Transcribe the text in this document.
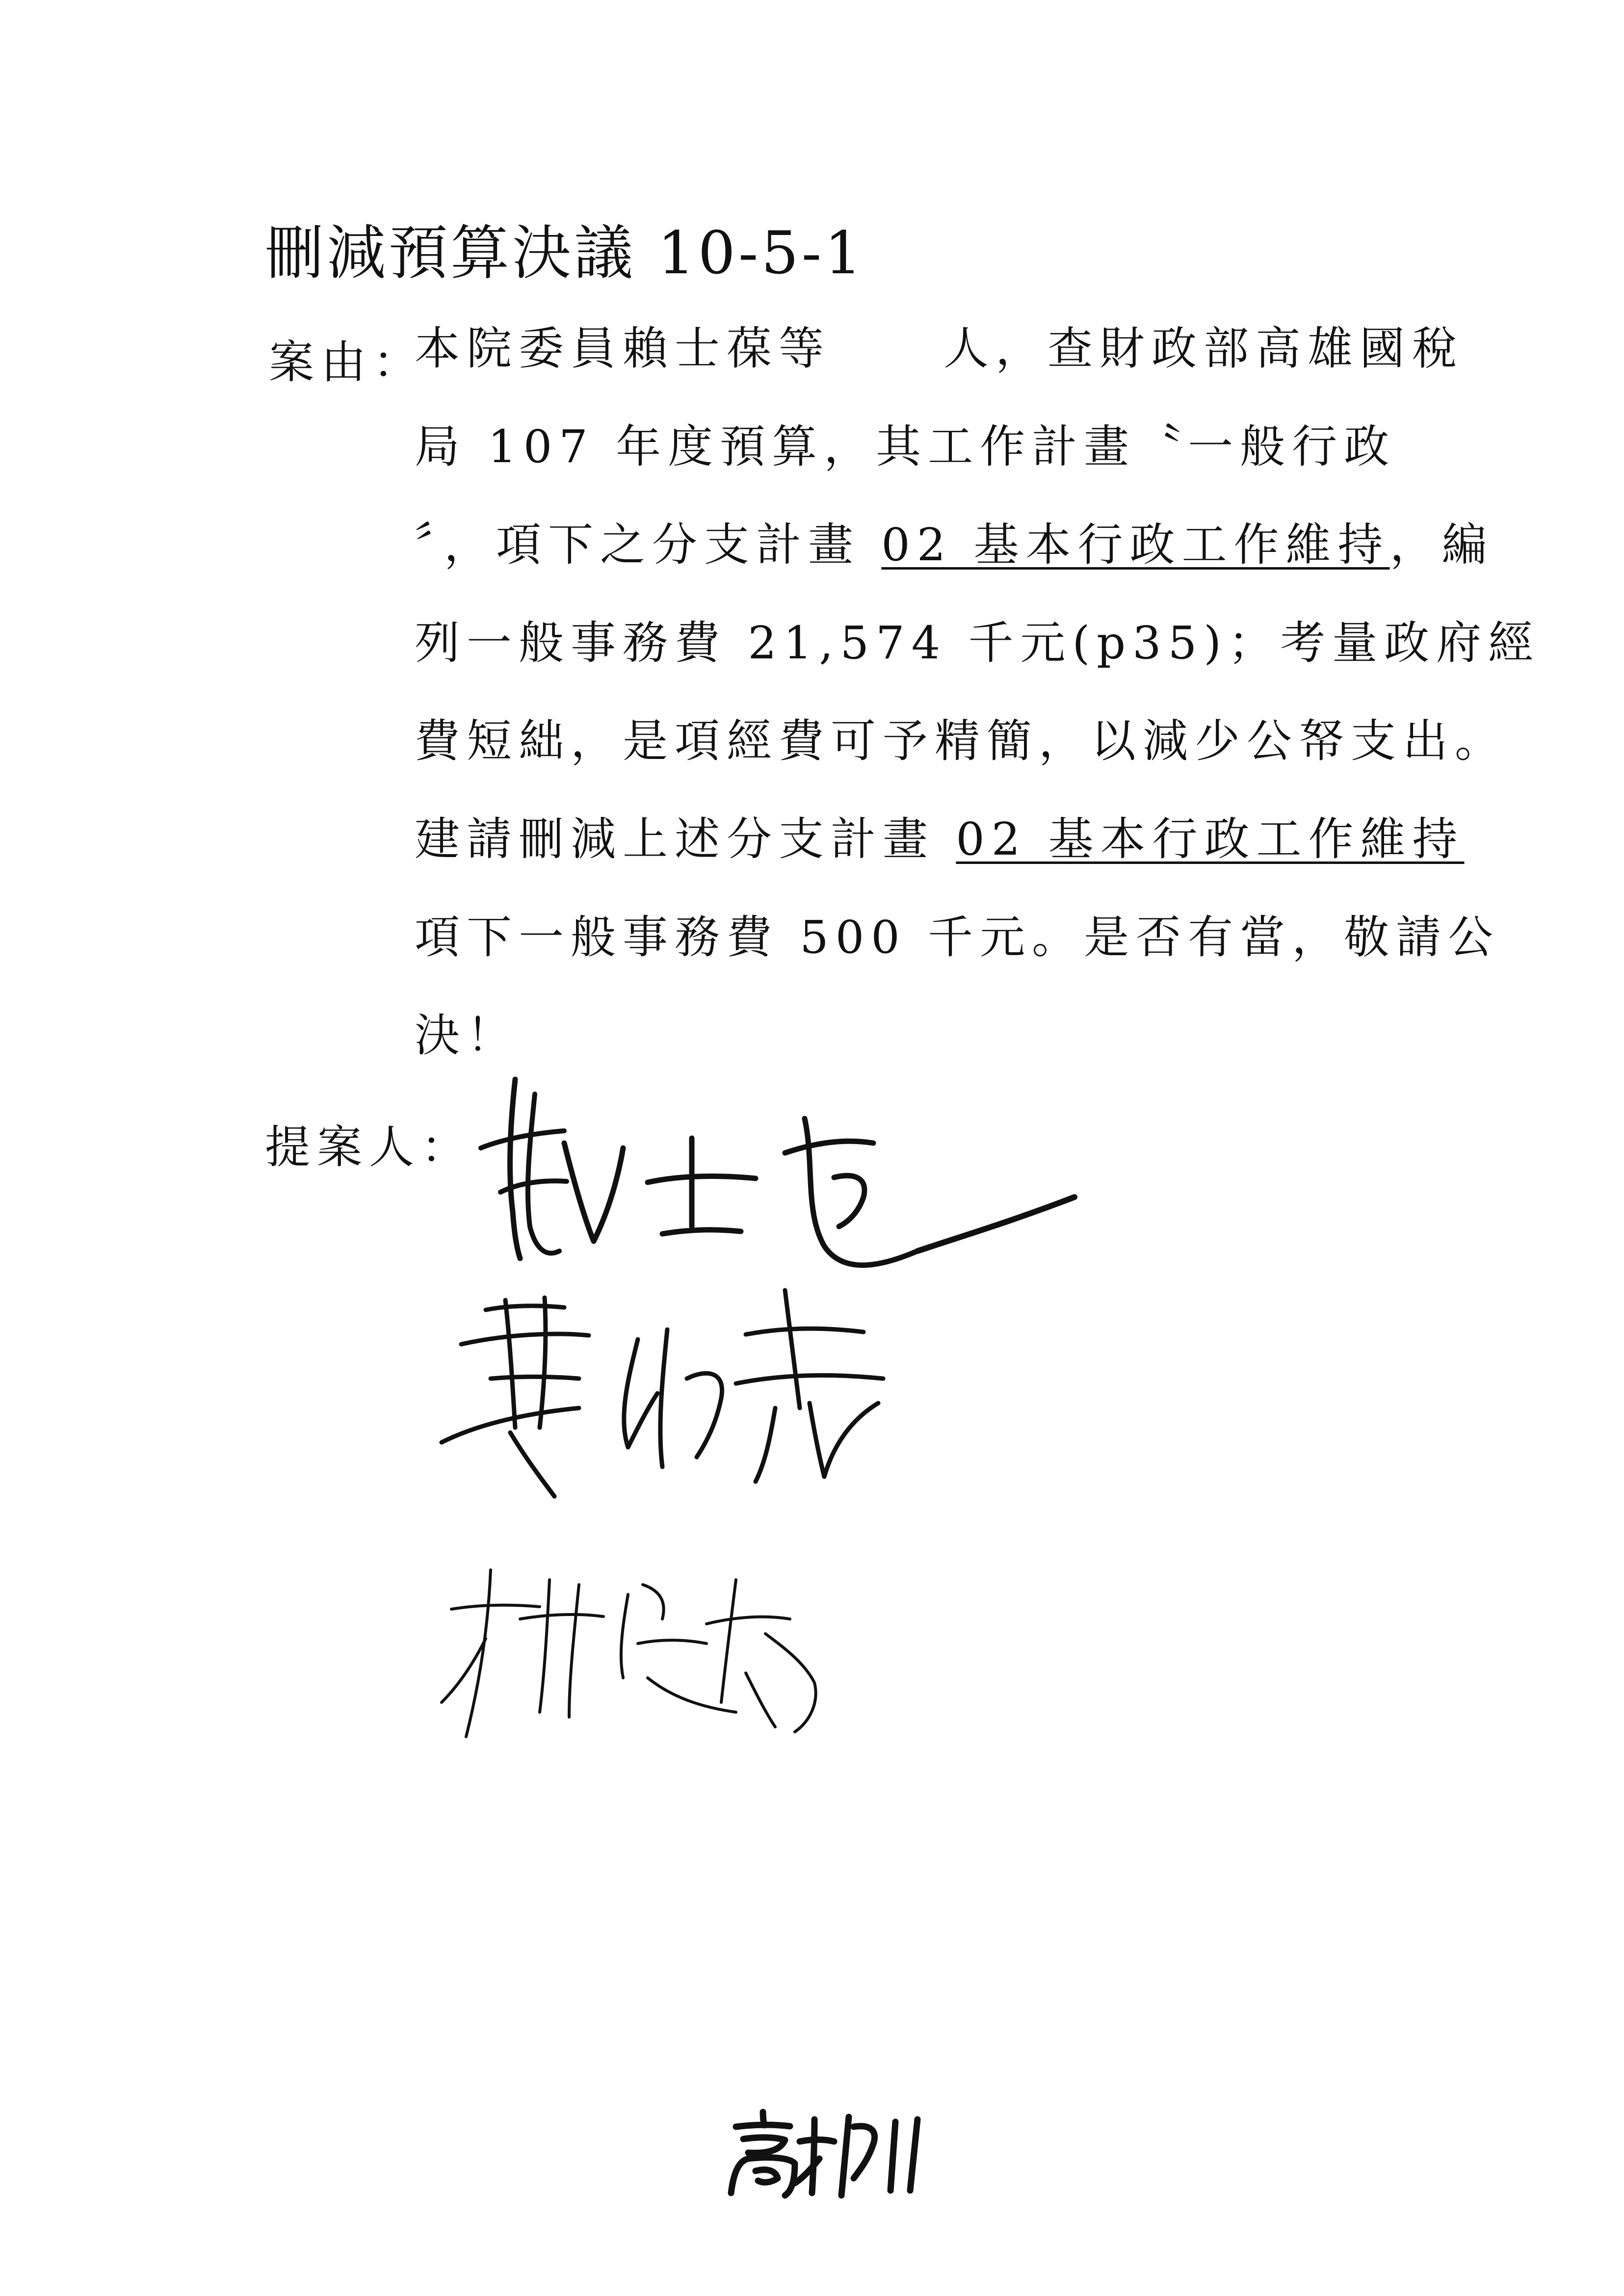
刪減預算決議 10-5-1
案由：
本院委員賴士葆等	人，查財政部高雄國稅
局 107 年度預算，其工作計畫〝一般行政
〞，項下之分支計畫 02 基本行政工作維持，編
列一般事務費 21,574 千元(p35)；考量政府經
費短絀，是項經費可予精簡，以減少公帑支出。
建請刪減上述分支計畫 02 基本行政工作維持
項下一般事務費 500 千元。是否有當，敬請公
決！
提案人：
